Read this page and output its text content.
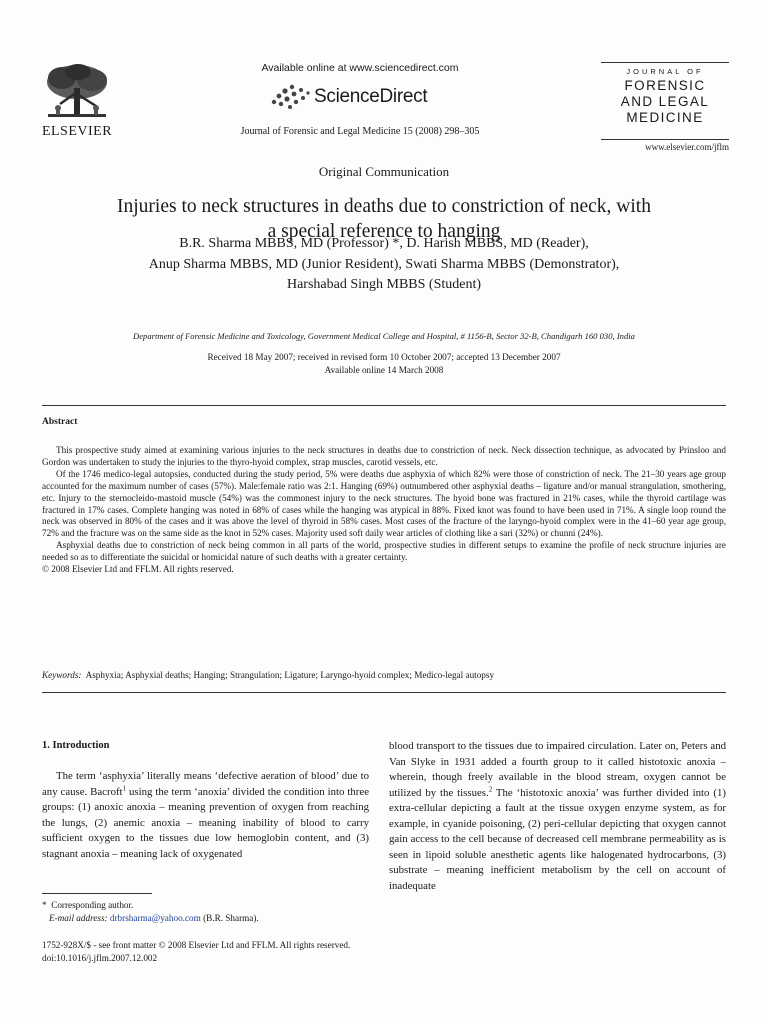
ELSEVIER
Available online at www.sciencedirect.com
ScienceDirect
Journal of Forensic and Legal Medicine 15 (2008) 298–305
JOURNAL OF
FORENSIC
AND LEGAL
MEDICINE
www.elsevier.com/jflm
Original Communication
Injuries to neck structures in deaths due to constriction of neck, with
a special reference to hanging
B.R. Sharma MBBS, MD (Professor) *, D. Harish MBBS, MD (Reader),
Anup Sharma MBBS, MD (Junior Resident), Swati Sharma MBBS (Demonstrator),
Harshabad Singh MBBS (Student)
Department of Forensic Medicine and Toxicology, Government Medical College and Hospital, # 1156-B, Sector 32-B, Chandigarh 160 030, India
Received 18 May 2007; received in revised form 10 October 2007; accepted 13 December 2007
Available online 14 March 2008
Abstract

This prospective study aimed at examining various injuries to the neck structures in deaths due to constriction of neck. Neck dissection technique, as advocated by Prinsloo and Gordon was undertaken to study the injuries to the thyro-hyoid complex, strap muscles, carotid vessels, etc.

Of the 1746 medico-legal autopsies, conducted during the study period, 5% were deaths due asphyxia of which 82% were those of constriction of neck. The 21–30 years age group accounted for the maximum number of cases (57%). Male:female ratio was 2:1. Hanging (69%) outnumbered other asphyxial deaths – ligature and/or manual strangulation, smothering, etc. Injury to the sternocleido-mastoid muscle (54%) was the commonest injury to the neck structures. The hyoid bone was fractured in 21% cases, while the thyroid cartilage was fractured in 17% cases. Complete hanging was noted in 68% of cases while the hanging was atypical in 88%. Fixed knot was found to have been used in 71%. A single loop round the neck was observed in 80% of the cases and it was above the level of thyroid in 58% cases. Most cases of the fracture of the laryngo-hyoid complex were in the 41–60 year age group, 72% and the fracture was on the same side as the knot in 52% cases. Majority used soft daily wear articles of clothing like a sari (32%) or chunni (24%).

Asphyxial deaths due to constriction of neck being common in all parts of the world, prospective studies in different setups to examine the profile of neck structure injuries are needed so as to differentiate the suicidal or homicidal nature of such deaths with a greater certainty.

© 2008 Elsevier Ltd and FFLM. All rights reserved.

Keywords: Asphyxia; Asphyxial deaths; Hanging; Strangulation; Ligature; Laryngo-hyoid complex; Medico-legal autopsy
1. Introduction

The term ‘asphyxia’ literally means ‘defective aeration of blood’ due to any cause. Bacroft$^1$ using the term ‘anoxia’ divided the condition into three groups: (1) anoxic anoxia – meaning prevention of oxygen from reaching the lungs, (2) anemic anoxia – meaning inability of blood to carry sufficient oxygen to the tissues due low hemoglobin content, and (3) stagnant anoxia – meaning lack of oxygenated

blood transport to the tissues due to impaired circulation. Later on, Peters and Van Slyke in 1931 added a fourth group to it called histotoxic anoxia – wherein, though freely available in the blood stream, oxygen cannot be utilized by the tissues.$^2$ The ‘histotoxic anoxia’ was further divided into (1) extra-cellular depicting a fault at the tissue oxygen enzyme system, as for example, in cyanide poisoning, (2) peri-cellular depicting that oxygen cannot gain access to the cell because of decreased cell membrane permeability as is seen in lipoid soluble anesthetic agents like halogenated hydrocarbons, (3) substrate – meaning inefficient metabolism by the cell on account of inadequate

* Corresponding author.
E-mail address: drbrsharma@yahoo.com (B.R. Sharma).
1752-928X/$ - see front matter © 2008 Elsevier Ltd and FFLM. All rights reserved.
doi:10.1016/j.jflm.2007.12.002
